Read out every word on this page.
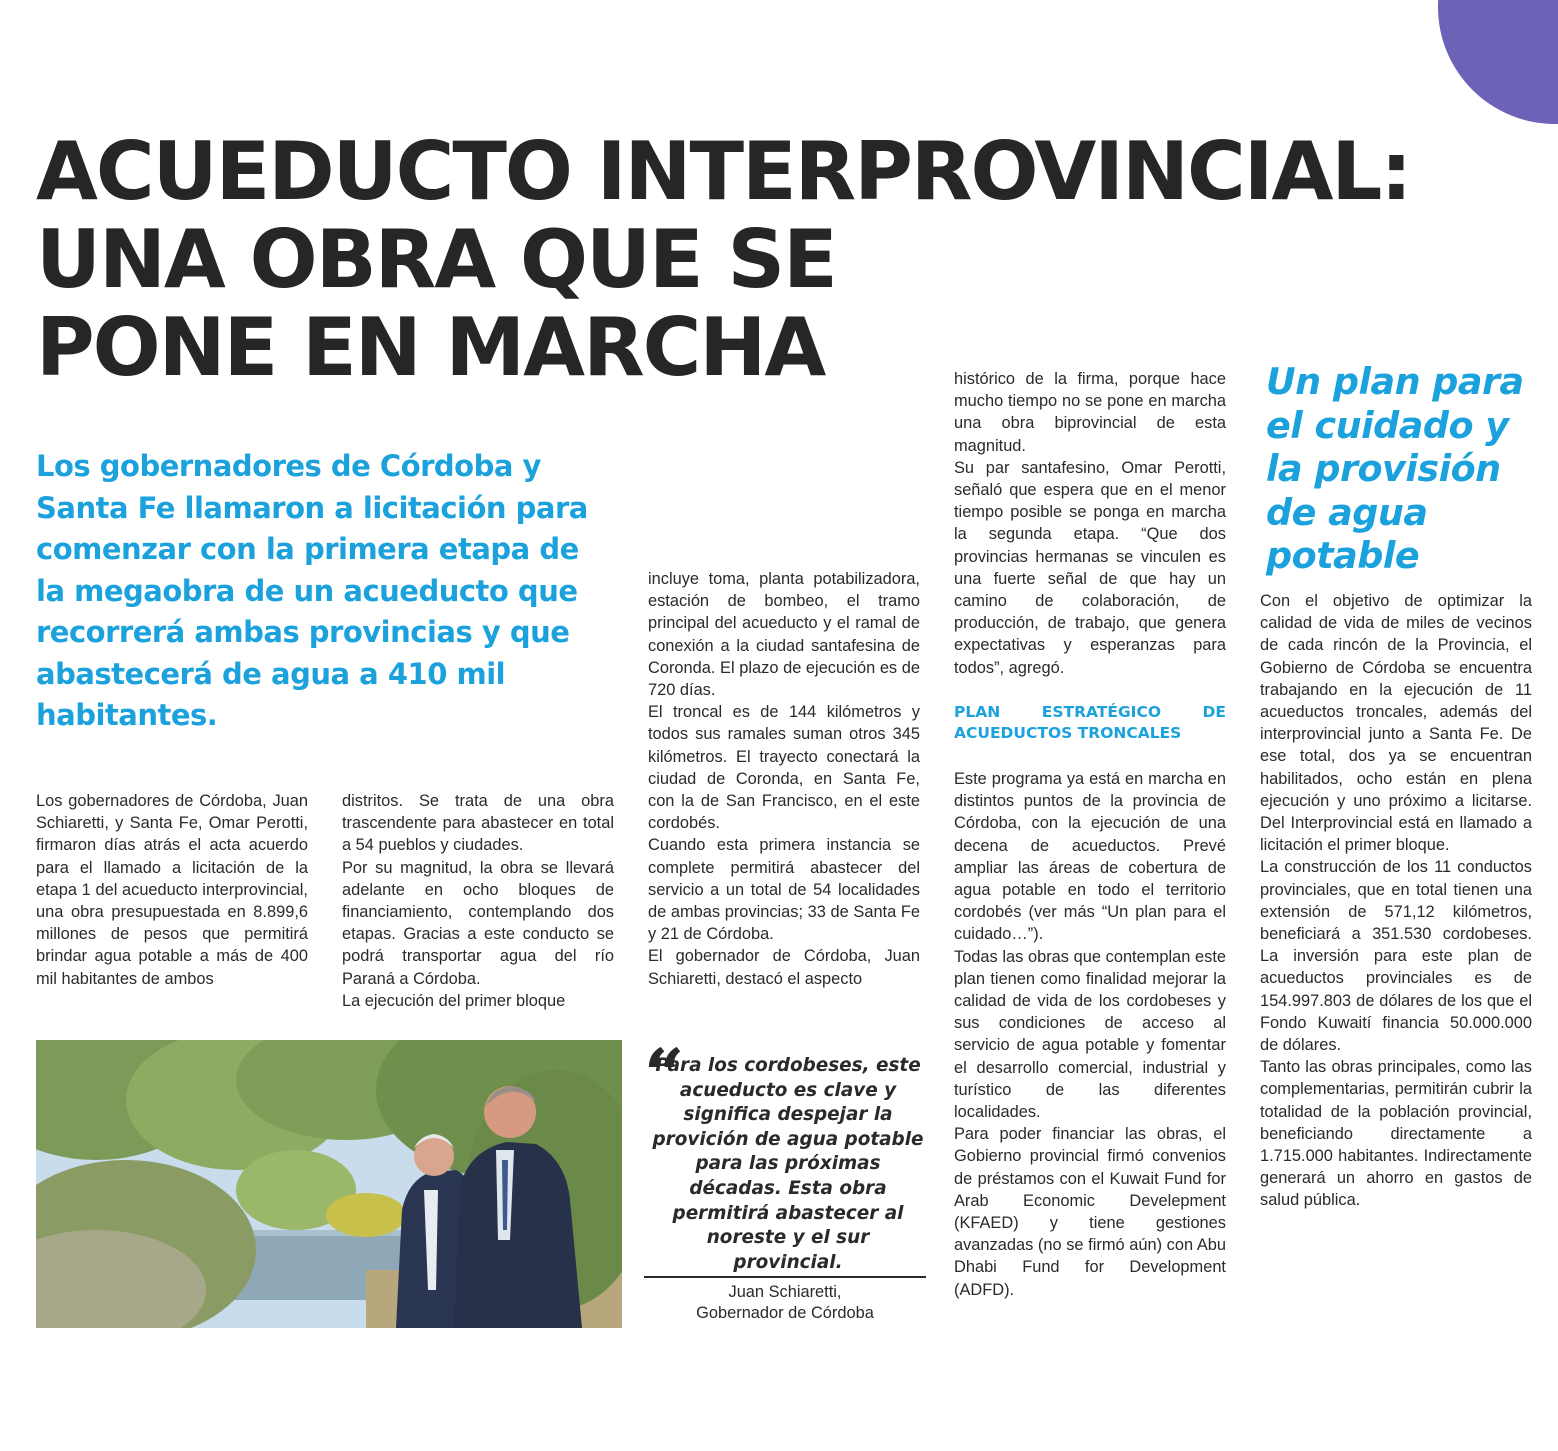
ACUEDUCTO INTERPROVINCIAL:
UNA OBRA QUE SE
PONE EN MARCHA

Los gobernadores de Córdoba y Santa Fe llamaron a licitación para comenzar con la primera etapa de la megaobra de un acueducto que recorrerá ambas provincias y que abastecerá de agua a 410 mil habitantes.

Los gobernadores de Córdoba, Juan Schiaretti, y Santa Fe, Omar Perotti, firmaron días atrás el acta acuerdo para el llamado a licitación de la etapa 1 del acueducto interprovincial, una obra presupuestada en 8.899,6 millones de pesos que permitirá brindar agua potable a más de 400 mil habitantes de ambos

distritos. Se trata de una obra trascendente para abastecer en total a 54 pueblos y ciudades.

Por su magnitud, la obra se llevará adelante en ocho bloques de financiamiento, contemplando dos etapas. Gracias a este conducto se podrá transportar agua del río Paraná a Córdoba.

La ejecución del primer bloque

incluye toma, planta potabilizadora, estación de bombeo, el tramo principal del acueducto y el ramal de conexión a la ciudad santafesina de Coronda. El plazo de ejecución es de 720 días.

El troncal es de 144 kilómetros y todos sus ramales suman otros 345 kilómetros. El trayecto conectará la ciudad de Coronda, en Santa Fe, con la de San Francisco, en el este cordobés.

Cuando esta primera instancia se complete permitirá abastecer del servicio a un total de 54 localidades de ambas provincias; 33 de Santa Fe y 21 de Córdoba.

El gobernador de Córdoba, Juan Schiaretti, destacó el aspecto

histórico de la firma, porque hace mucho tiempo no se pone en marcha una obra biprovincial de esta magnitud.

Su par santafesino, Omar Perotti, señaló que espera que en el menor tiempo posible se ponga en marcha la segunda etapa. “Que dos provincias hermanas se vinculen es una fuerte señal de que hay un camino de colaboración, de producción, de trabajo, que genera expectativas y esperanzas para todos”, agregó.

PLAN ESTRATÉGICO DE ACUEDUCTOS TRONCALES

Este programa ya está en marcha en distintos puntos de la provincia de Córdoba, con la ejecución de una decena de acueductos. Prevé ampliar las áreas de cobertura de agua potable en todo el territorio cordobés (ver más “Un plan para el cuidado…”).

Todas las obras que contemplan este plan tienen como finalidad mejorar la calidad de vida de los cordobeses y sus condiciones de acceso al servicio de agua potable y fomentar el desarrollo comercial, industrial y turístico de las diferentes localidades.

Para poder financiar las obras, el Gobierno provincial firmó convenios de préstamos con el Kuwait Fund for Arab Economic Develepment (KFAED) y tiene gestiones avanzadas (no se firmó aún) con Abu Dhabi Fund for Development (ADFD).

Un plan para el cuidado y la provisión de agua potable

Con el objetivo de optimizar la calidad de vida de miles de vecinos de cada rincón de la Provincia, el Gobierno de Córdoba se encuentra trabajando en la ejecución de 11 acueductos troncales, además del interprovincial junto a Santa Fe. De ese total, dos ya se encuentran habilitados, ocho están en plena ejecución y uno próximo a licitarse. Del Interprovincial está en llamado a licitación el primer bloque.

La construcción de los 11 conductos provinciales, que en total tienen una extensión de 571,12 kilómetros, beneficiará a 351.530 cordobeses. La inversión para este plan de acueductos provinciales es de 154.997.803 de dólares de los que el Fondo Kuwaití financia 50.000.000 de dólares.

Tanto las obras principales, como las complementarias, permitirán cubrir la totalidad de la población provincial, beneficiando directamente a 1.715.000 habitantes. Indirectamente generará un ahorro en gastos de salud pública.

“

Para los cordobeses, este acueducto es clave y significa despejar la provición de agua potable para las próximas décadas. Esta obra permitirá abastecer al noreste y el sur provincial.

Juan Schiaretti,
Gobernador de Córdoba
